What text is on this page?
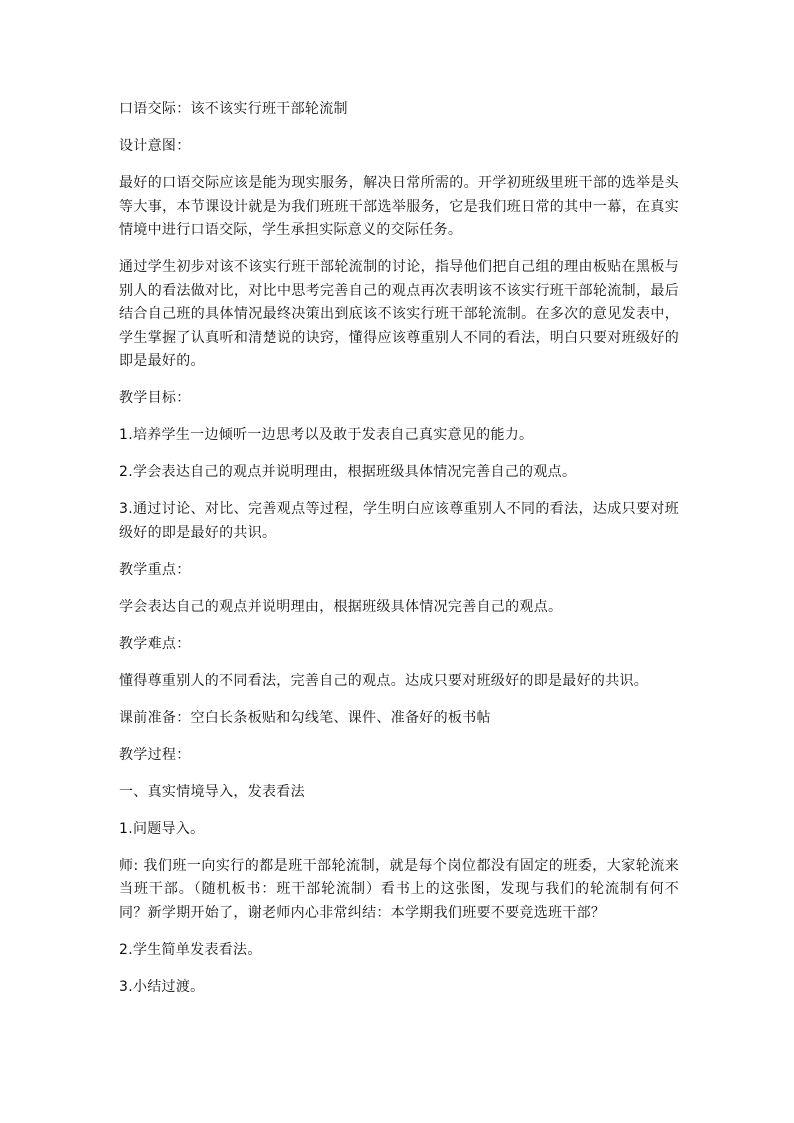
口语交际：该不该实行班干部轮流制

设计意图：

最好的口语交际应该是能为现实服务，解决日常所需的。开学初班级里班干部的选举是头等大事，本节课设计就是为我们班班干部选举服务，它是我们班日常的其中一幕，在真实情境中进行口语交际，学生承担实际意义的交际任务。

通过学生初步对该不该实行班干部轮流制的讨论，指导他们把自己组的理由板贴在黑板与别人的看法做对比，对比中思考完善自己的观点再次表明该不该实行班干部轮流制，最后结合自己班的具体情况最终决策出到底该不该实行班干部轮流制。在多次的意见发表中，学生掌握了认真听和清楚说的诀窍，懂得应该尊重别人不同的看法，明白只要对班级好的即是最好的。

教学目标：

1.培养学生一边倾听一边思考以及敢于发表自己真实意见的能力。

2.学会表达自己的观点并说明理由，根据班级具体情况完善自己的观点。

3.通过讨论、对比、完善观点等过程，学生明白应该尊重别人不同的看法，达成只要对班级好的即是最好的共识。

教学重点：

学会表达自己的观点并说明理由，根据班级具体情况完善自己的观点。

教学难点：

懂得尊重别人的不同看法，完善自己的观点。达成只要对班级好的即是最好的共识。

课前准备：空白长条板贴和勾线笔、课件、准备好的板书帖

教学过程：

一、真实情境导入，发表看法

1.问题导入。

师: 我们班一向实行的都是班干部轮流制，就是每个岗位都没有固定的班委，大家轮流来当班干部。（随机板书：班干部轮流制）看书上的这张图，发现与我们的轮流制有何不同？新学期开始了，谢老师内心非常纠结：本学期我们班要不要竞选班干部？

2.学生简单发表看法。

3.小结过渡。
